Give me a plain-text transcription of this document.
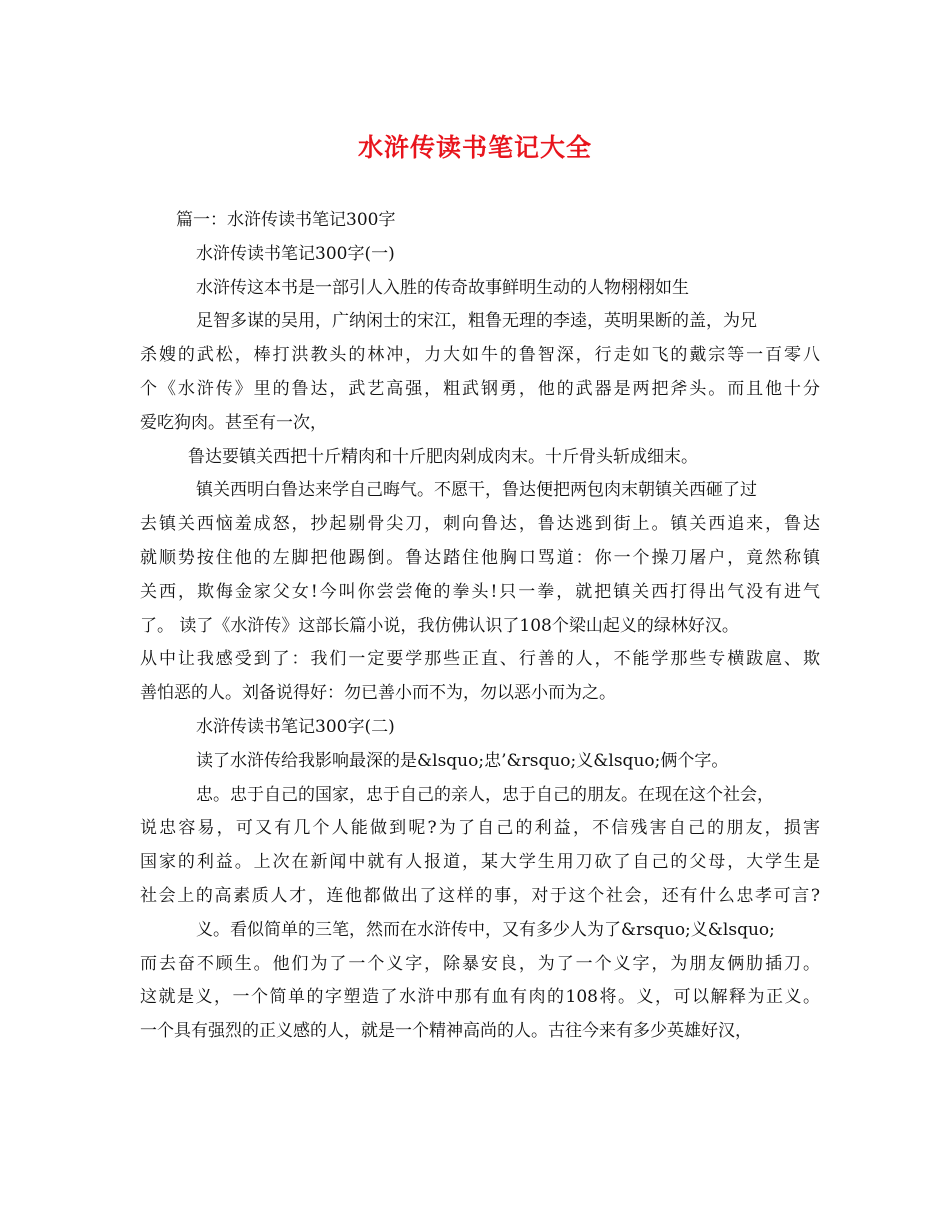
水浒传读书笔记大全
篇一：水浒传读书笔记300字
水浒传读书笔记300字(一)
水浒传这本书是一部引人入胜的传奇故事鲜明生动的人物栩栩如生
足智多谋的吴用，广纳闲士的宋江，粗鲁无理的李逵，英明果断的盖，为兄
杀嫂的武松，棒打洪教头的林冲，力大如牛的鲁智深，行走如飞的戴宗等一百零八
个《水浒传》里的鲁达，武艺高强，粗武钢勇，他的武器是两把斧头。而且他十分
爱吃狗肉。甚至有一次，
鲁达要镇关西把十斤精肉和十斤肥肉剁成肉末。十斤骨头斩成细末。
镇关西明白鲁达来学自己晦气。不愿干，鲁达便把两包肉末朝镇关西砸了过
去镇关西恼羞成怒，抄起剔骨尖刀，刺向鲁达，鲁达逃到街上。镇关西追来，鲁达
就顺势按住他的左脚把他踢倒。鲁达踏住他胸口骂道：你一个操刀屠户，竟然称镇
关西，欺侮金家父女!今叫你尝尝俺的拳头!只一拳，就把镇关西打得出气没有进气
了。 读了《水浒传》这部长篇小说，我仿佛认识了108个梁山起义的绿林好汉。
从中让我感受到了：我们一定要学那些正直、行善的人，不能学那些专横跋扈、欺
善怕恶的人。刘备说得好：勿已善小而不为，勿以恶小而为之。
水浒传读书笔记300字(二)
读了水浒传给我影响最深的是&lsquo;忠’&rsquo;义&lsquo;俩个字。
忠。忠于自己的国家，忠于自己的亲人，忠于自己的朋友。在现在这个社会，
说忠容易，可又有几个人能做到呢?为了自己的利益，不信残害自己的朋友，损害
国家的利益。上次在新闻中就有人报道，某大学生用刀砍了自己的父母，大学生是
社会上的高素质人才，连他都做出了这样的事，对于这个社会，还有什么忠孝可言?
义。看似简单的三笔，然而在水浒传中，又有多少人为了&rsquo;义&lsquo;
而去奋不顾生。他们为了一个义字，除暴安良，为了一个义字，为朋友俩肋插刀。
这就是义，一个简单的字塑造了水浒中那有血有肉的108将。义，可以解释为正义。
一个具有强烈的正义感的人，就是一个精神高尚的人。古往今来有多少英雄好汉，
